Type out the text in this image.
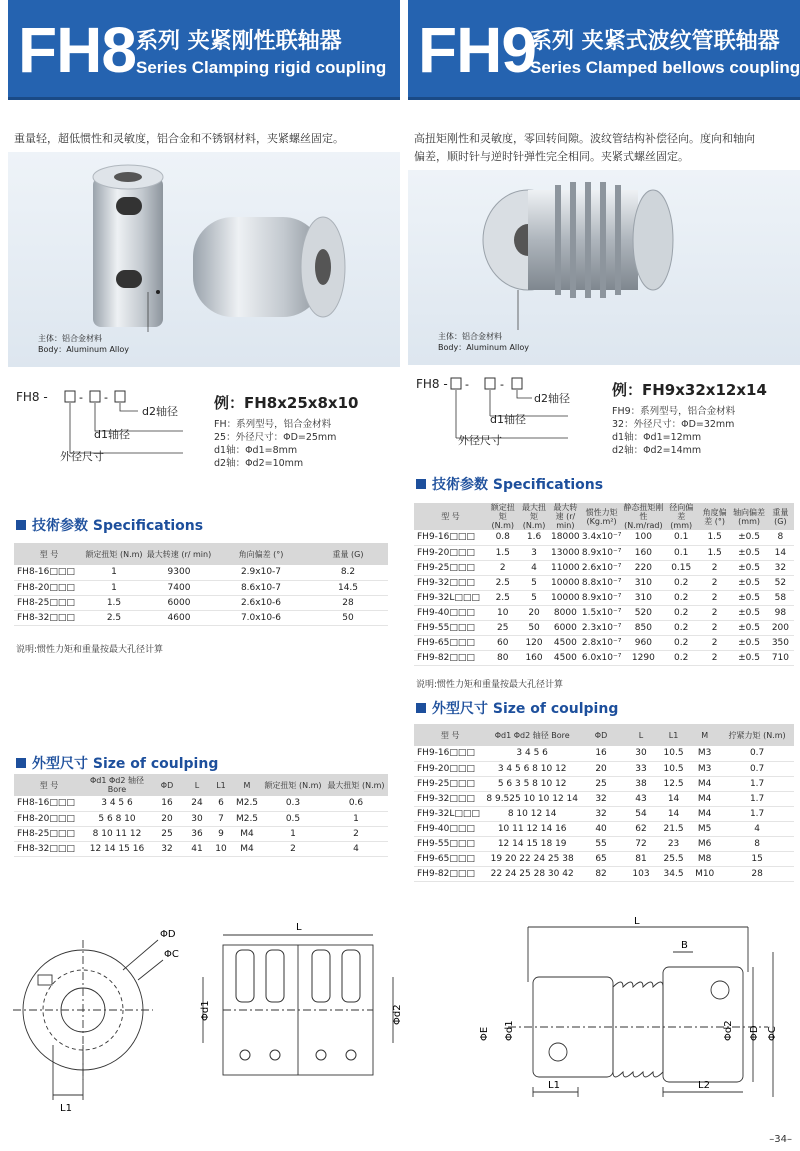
FH8 系列 夹紧刚性联轴器
Series Clamping rigid coupling
重量轻，超低惯性和灵敏度，铝合金和不锈钢材料，夹紧螺丝固定。
主体：铝合金材料
Body：Aluminum Alloy
FH8 -	- -
d2轴径
d1轴径
外径尺寸
例：FH8x25x8x10
FH：系列型号，铝合金材料
25：外径尺寸：ΦD=25mm
d1轴：Φd1=8mm
d2轴：Φd2=10mm
技術参数 Specifications
型 号	额定扭矩 (N.m)	最大转速 (r/ min)	角向偏差 (°)	重量 (G)
FH8-16□□□	1	9300	2.9x10-7	8.2
FH8-20□□□	1	7400	8.6x10-7	14.5
FH8-25□□□	1.5	6000	2.6x10-6	28
FH8-32□□□	2.5	4600	7.0x10-6	50
说明:惯性力矩和重量按最大孔径计算
外型尺寸 Size of coulping
型 号	Φd1 Φd2 轴径 Bore	ΦD	L	L1	M	额定扭矩 (N.m)	最大扭矩 (N.m)
FH8-16□□□	3 4 5 6	16	24	6	M2.5	0.3	0.6
FH8-20□□□	5 6 8 10	20	30	7	M2.5	0.5	1
FH8-25□□□	8 10 11 12	25	36	9	M4	1	2
FH8-32□□□	12 14 15 16	32	41	10	M4	2	4
ΦD
ΦC
L1
L
Φd1	Φd2
FH9
系列 夹紧式波纹管联轴器
Series Clamped bellows coupling
高扭矩刚性和灵敏度，零回转间隙。波纹管结构补偿径向。度向和轴向偏差，顺时针与逆时针弹性完全相同。夹紧式螺丝固定。
主体：铝合金材料
Body：Aluminum Alloy
FH8 - -	-
d2轴径
d1轴径
外径尺寸
例：FH9x32x12x14
FH9：系列型号，铝合金材料
32：外径尺寸：ΦD=32mm
d1轴：Φd1=12mm
d2轴：Φd2=14mm
技術参数 Specifications
型 号	额定扭矩 (N.m)	最大扭矩 (N.m)	最大转速 (r/ min)	惯性力矩 (Kg.m²)	静态扭矩刚性 (N.m/rad)	径向偏差 (mm)	角度偏差 (°)	轴向偏差 (mm)	重量 (G)
FH9-16□□□	0.8	1.6	18000	3.4x10⁻⁷	100	0.1	1.5	±0.5	8
FH9-20□□□	1.5	3	13000	8.9x10⁻⁷	160	0.1	1.5	±0.5	14
FH9-25□□□	2	4	11000	2.6x10⁻⁷	220	0.15	2	±0.5	32
FH9-32□□□	2.5	5	10000	8.8x10⁻⁷	310	0.2	2	±0.5	52
FH9-32L□□□	2.5	5	10000	8.9x10⁻⁷	310	0.2	2	±0.5	58
FH9-40□□□	10	20	8000	1.5x10⁻⁷	520	0.2	2	±0.5	98
FH9-55□□□	25	50	6000	2.3x10⁻⁷	850	0.2	2	±0.5	200
FH9-65□□□	60	120	4500	2.8x10⁻⁷	960	0.2	2	±0.5	350
FH9-82□□□	80	160	4500	6.0x10⁻⁷	1290	0.2	2	±0.5	710
说明:惯性力矩和重量按最大孔径计算
外型尺寸 Size of coulping
型 号	Φd1 Φd2 轴径 Bore	ΦD	L	L1	M	拧紧力矩 (N.m)
FH9-16□□□	3 4 5 6	16	30	10.5	M3	0.7
FH9-20□□□	3 4 5 6 8 10 12	20	33	10.5	M3	0.7
FH9-25□□□	5 6 3 5 8 10 12	25	38	12.5	M4	1.7
FH9-32□□□	8 9.525 10 10 12 14	32	43	14	M4	1.7
FH9-32L□□□	8 10 12 14	32	54	14	M4	1.7
FH9-40□□□	10 11 12 14 16	40	62	21.5	M5	4
FH9-55□□□	12 14 15 18 19	55	72	23	M6	8
FH9-65□□□	19 20 22 24 25 38	65	81	25.5	M8	15
FH9-82□□□	22 24 25 28 30 42	82	103	34.5	M10	28
L
B
ΦE Φd1	Φd2 ΦD ΦC
L1	L2
–34–
